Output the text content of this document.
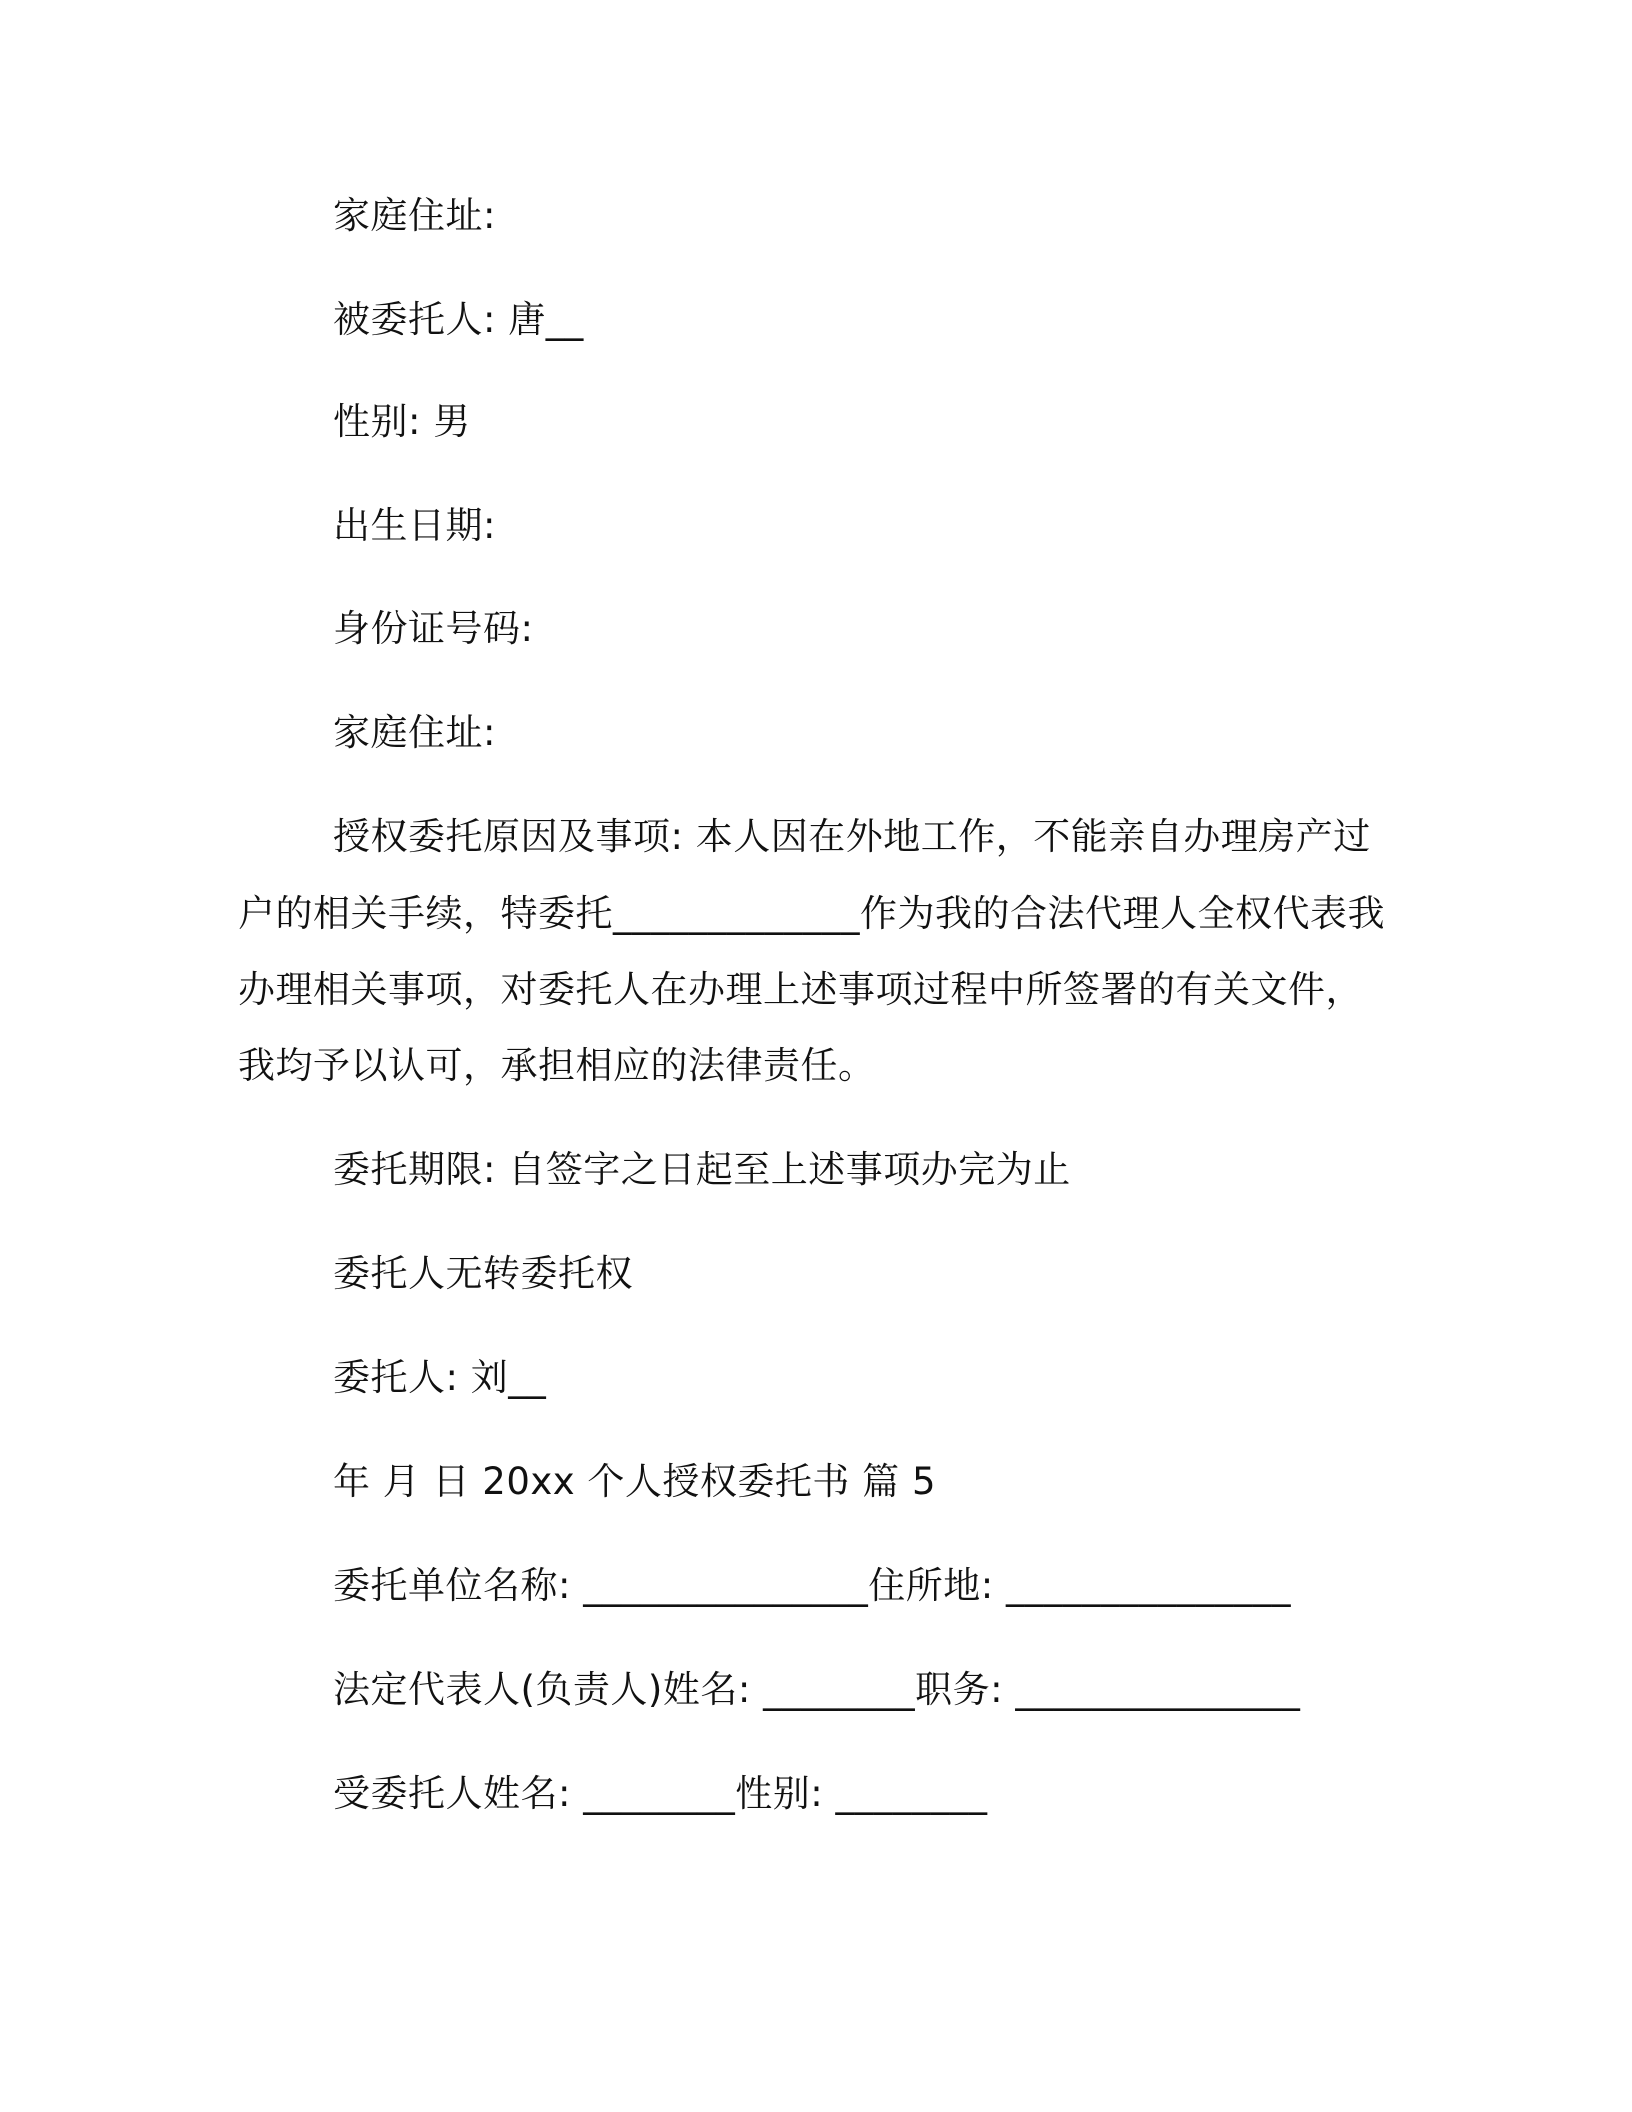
家庭住址:
被委托人: 唐__
性别: 男
出生日期:
身份证号码:
家庭住址:
授权委托原因及事项: 本人因在外地工作，不能亲自办理房产过
户的相关手续，特委托_____________作为我的合法代理人全权代表我
办理相关事项，对委托人在办理上述事项过程中所签署的有关文件，
我均予以认可，承担相应的法律责任。
委托期限: 自签字之日起至上述事项办完为止
委托人无转委托权
委托人: 刘__
年 月 日 20xx 个人授权委托书 篇 5
委托单位名称: _______________住所地: _______________
法定代表人(负责人)姓名: ________职务: _______________
受委托人姓名: ________性别: ________
